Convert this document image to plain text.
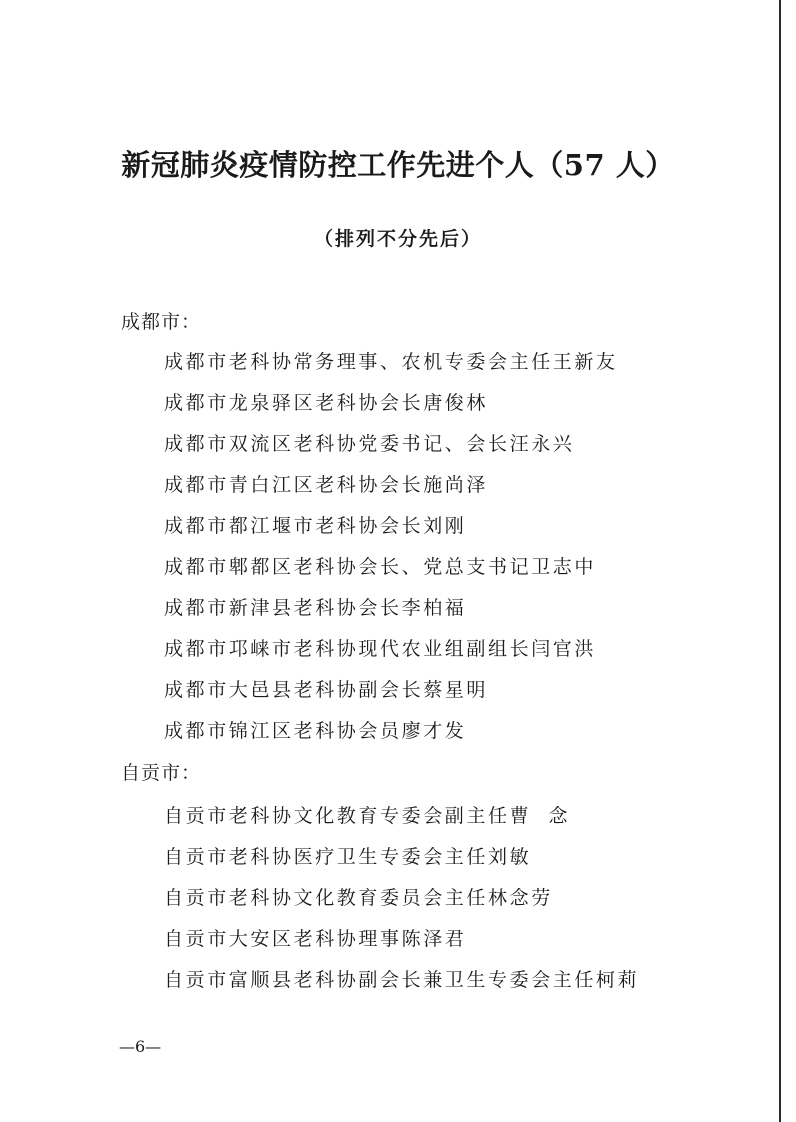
新冠肺炎疫情防控工作先进个人（57 人）
（排列不分先后）
成都市：
成都市老科协常务理事、农机专委会主任王新友
成都市龙泉驿区老科协会长唐俊林
成都市双流区老科协党委书记、会长汪永兴
成都市青白江区老科协会长施尚泽
成都市都江堰市老科协会长刘刚
成都市郫都区老科协会长、党总支书记卫志中
成都市新津县老科协会长李柏福
成都市邛崃市老科协现代农业组副组长闫官洪
成都市大邑县老科协副会长蔡星明
成都市锦江区老科协会员廖才发
自贡市：
自贡市老科协文化教育专委会副主任曹  念
自贡市老科协医疗卫生专委会主任刘敏
自贡市老科协文化教育委员会主任林念劳
自贡市大安区老科协理事陈泽君
自贡市富顺县老科协副会长兼卫生专委会主任柯莉
—6—
